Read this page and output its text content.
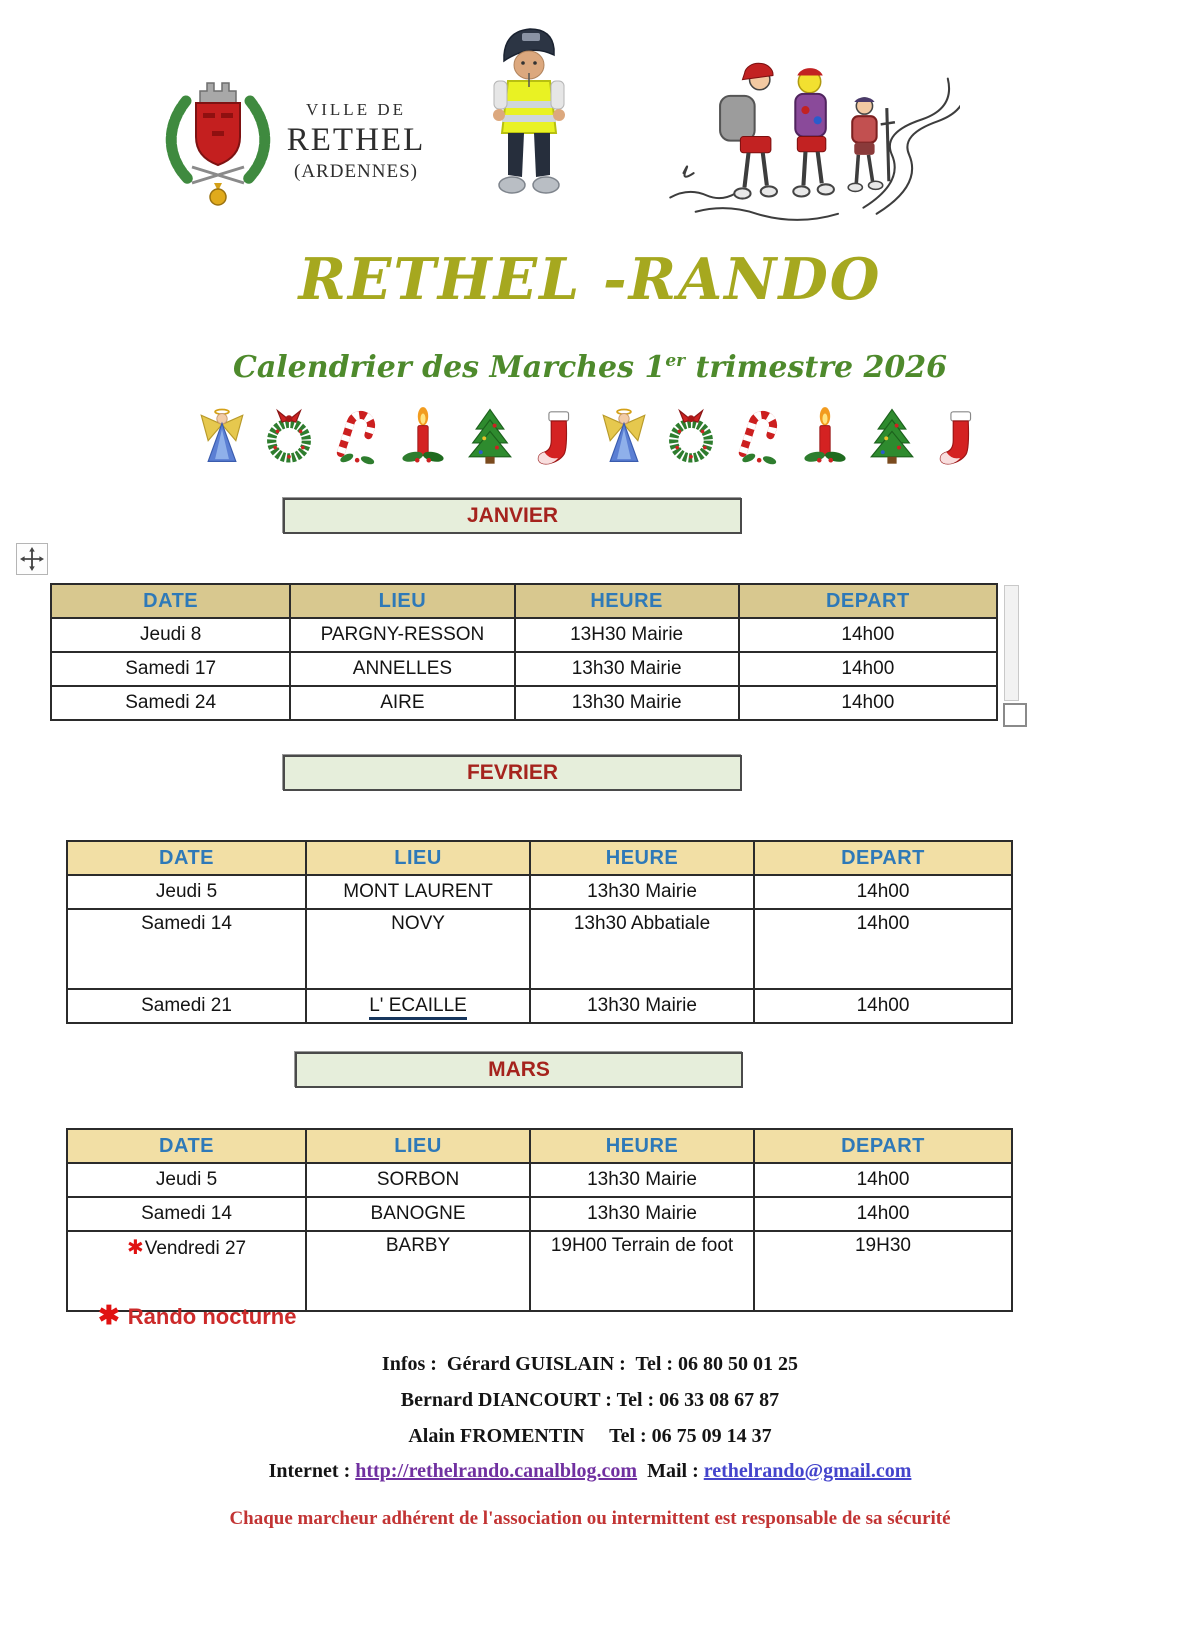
VILLE DE
RETHEL
(ARDENNES)
RETHEL -RANDO
Calendrier des Marches 1er trimestre 2026
JANVIER
FEVRIER
MARS
DATE	LIEU	HEURE	DEPART
Jeudi 8	PARGNY-RESSON	13H30 Mairie	14h00
Samedi 17	ANNELLES	13h30 Mairie	14h00
Samedi 24	AIRE	13h30 Mairie	14h00
DATE	LIEU	HEURE	DEPART
Jeudi 5	MONT LAURENT	13h30 Mairie	14h00
Samedi 14	NOVY	13h30 Abbatiale	14h00
Samedi 21	L' ECAILLE	13h30 Mairie	14h00
DATE	LIEU	HEURE	DEPART
Jeudi 5	SORBON	13h30 Mairie	14h00
Samedi 14	BANOGNE	13h30 Mairie	14h00
✱Vendredi 27	BARBY	19H00 Terrain de foot	19H30
✱ Rando nocturne
Infos :  Gérard GUISLAIN :  Tel : 06 80 50 01 25
Bernard DIANCOURT : Tel : 06 33 08 67 87
Alain FROMENTIN     Tel : 06 75 09 14 37
Internet : http://rethelrando.canalblog.com  Mail : rethelrando@gmail.com
Chaque marcheur adhérent de l'association ou intermittent est responsable de sa sécurité
